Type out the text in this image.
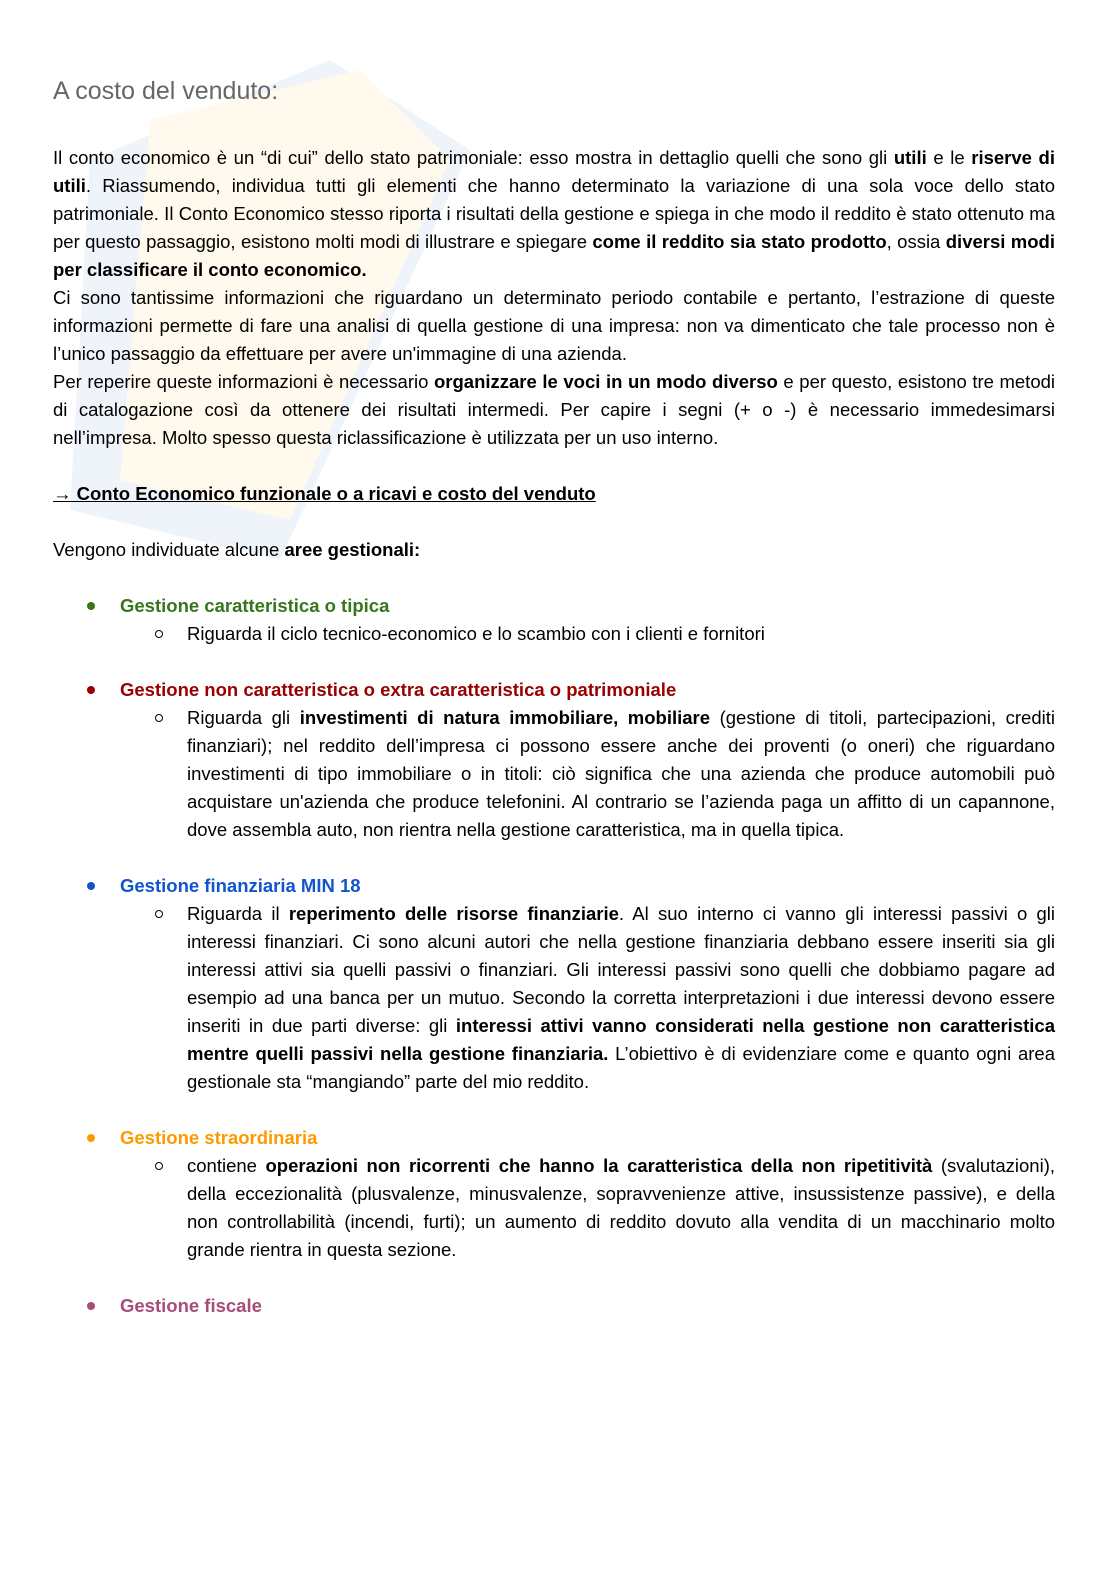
A costo del venduto:

Il conto economico è un “di cui” dello stato patrimoniale: esso mostra in dettaglio quelli che sono gli utili e le riserve di utili. Riassumendo, individua tutti gli elementi che hanno determinato la variazione di una sola voce dello stato patrimoniale. Il Conto Economico stesso riporta i risultati della gestione e spiega in che modo il reddito è stato ottenuto ma per questo passaggio, esistono molti modi di illustrare e spiegare come il reddito sia stato prodotto, ossia diversi modi per classificare il conto economico.

Ci sono tantissime informazioni che riguardano un determinato periodo contabile e pertanto, l’estrazione di queste informazioni permette di fare una analisi di quella gestione di una impresa: non va dimenticato che tale processo non è l’unico passaggio da effettuare per avere un'immagine di una azienda.

Per reperire queste informazioni è necessario organizzare le voci in un modo diverso e per questo, esistono tre metodi di catalogazione così da ottenere dei risultati intermedi. Per capire i segni (+ o -) è necessario immedesimarsi nell’impresa. Molto spesso questa riclassificazione è utilizzata per un uso interno.

→ Conto Economico funzionale o a ricavi e costo del venduto
Vengono individuate alcune aree gestionali:
Gestione caratteristica o tipica
Riguarda il ciclo tecnico-economico e lo scambio con i clienti e fornitori
Gestione non caratteristica o extra caratteristica o patrimoniale
Riguarda gli investimenti di natura immobiliare, mobiliare (gestione di titoli, partecipazioni, crediti finanziari); nel reddito dell’impresa ci possono essere anche dei proventi (o oneri) che riguardano investimenti di tipo immobiliare o in titoli: ciò significa che una azienda che produce automobili può acquistare un'azienda che produce telefonini. Al contrario se l’azienda paga un affitto di un capannone, dove assembla auto, non rientra nella gestione caratteristica, ma in quella tipica.
Gestione finanziaria MIN 18
Riguarda il reperimento delle risorse finanziarie. Al suo interno ci vanno gli interessi passivi o gli interessi finanziari. Ci sono alcuni autori che nella gestione finanziaria debbano essere inseriti sia gli interessi attivi sia quelli passivi o finanziari. Gli interessi passivi sono quelli che dobbiamo pagare ad esempio ad una banca per un mutuo. Secondo la corretta interpretazioni i due interessi devono essere inseriti in due parti diverse: gli interessi attivi vanno considerati nella gestione non caratteristica mentre quelli passivi nella gestione finanziaria. L’obiettivo è di evidenziare come e quanto ogni area gestionale sta “mangiando” parte del mio reddito.
Gestione straordinaria
contiene operazioni non ricorrenti che hanno la caratteristica della non ripetitività (svalutazioni), della eccezionalità (plusvalenze, minusvalenze, sopravvenienze attive, insussistenze passive), e della non controllabilità (incendi, furti); un aumento di reddito dovuto alla vendita di un macchinario molto grande rientra in questa sezione.
Gestione fiscale
